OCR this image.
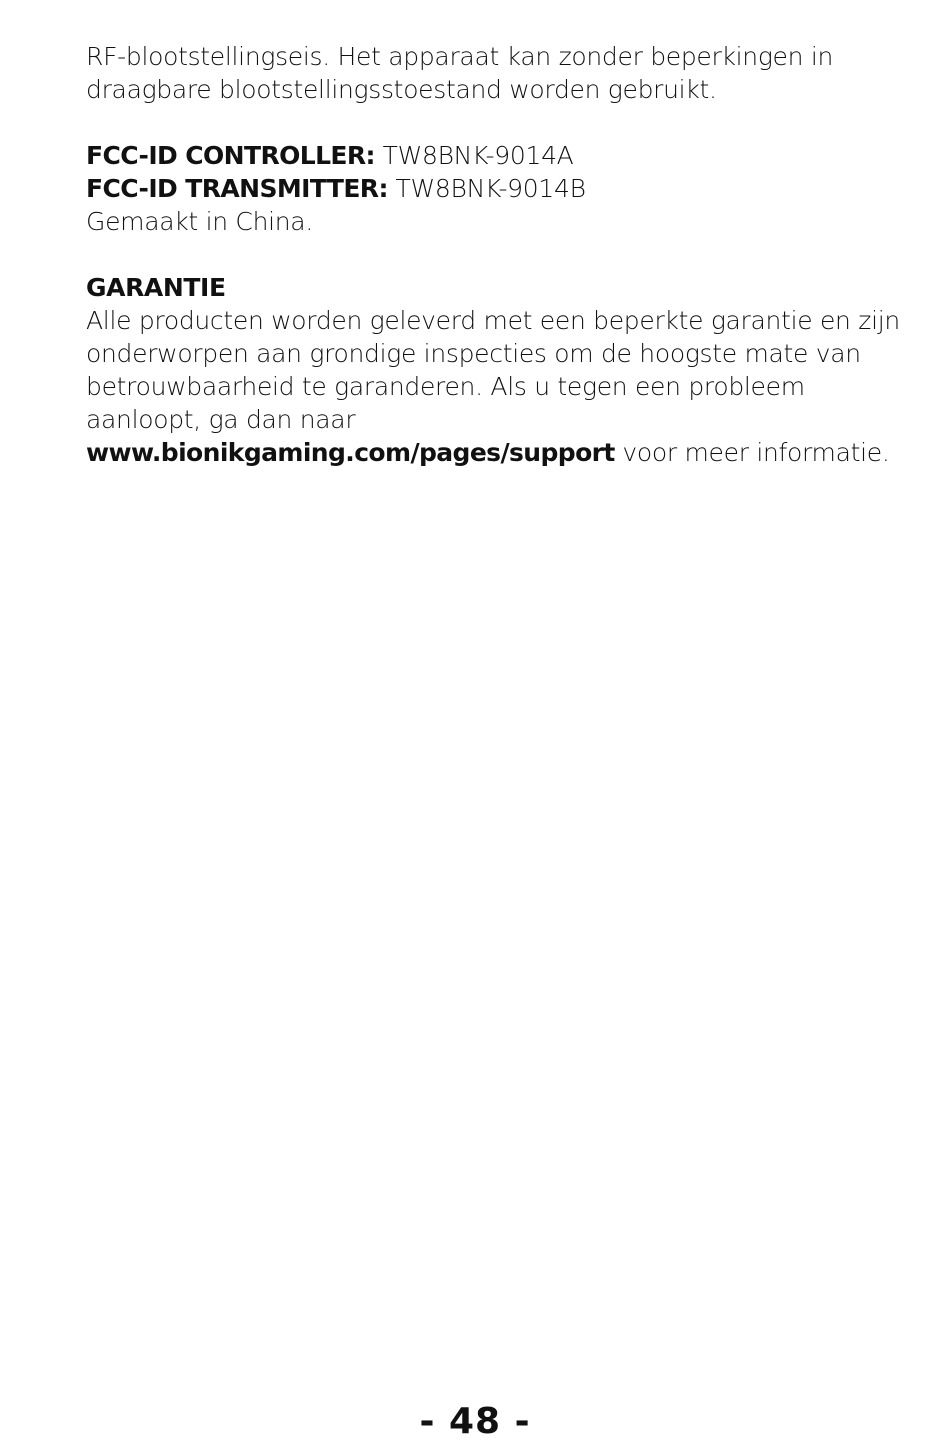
RF-blootstellingseis. Het apparaat kan zonder beperkingen in
draagbare blootstellingsstoestand worden gebruikt.
FCC-ID CONTROLLER: TW8BNK-9014A
FCC-ID TRANSMITTER: TW8BNK-9014B
Gemaakt in China.
GARANTIE
Alle producten worden geleverd met een beperkte garantie en zijn
onderworpen aan grondige inspecties om de hoogste mate van
betrouwbaarheid te garanderen. Als u tegen een probleem
aanloopt, ga dan naar
www.bionikgaming.com/pages/support voor meer informatie.
- 48 -
